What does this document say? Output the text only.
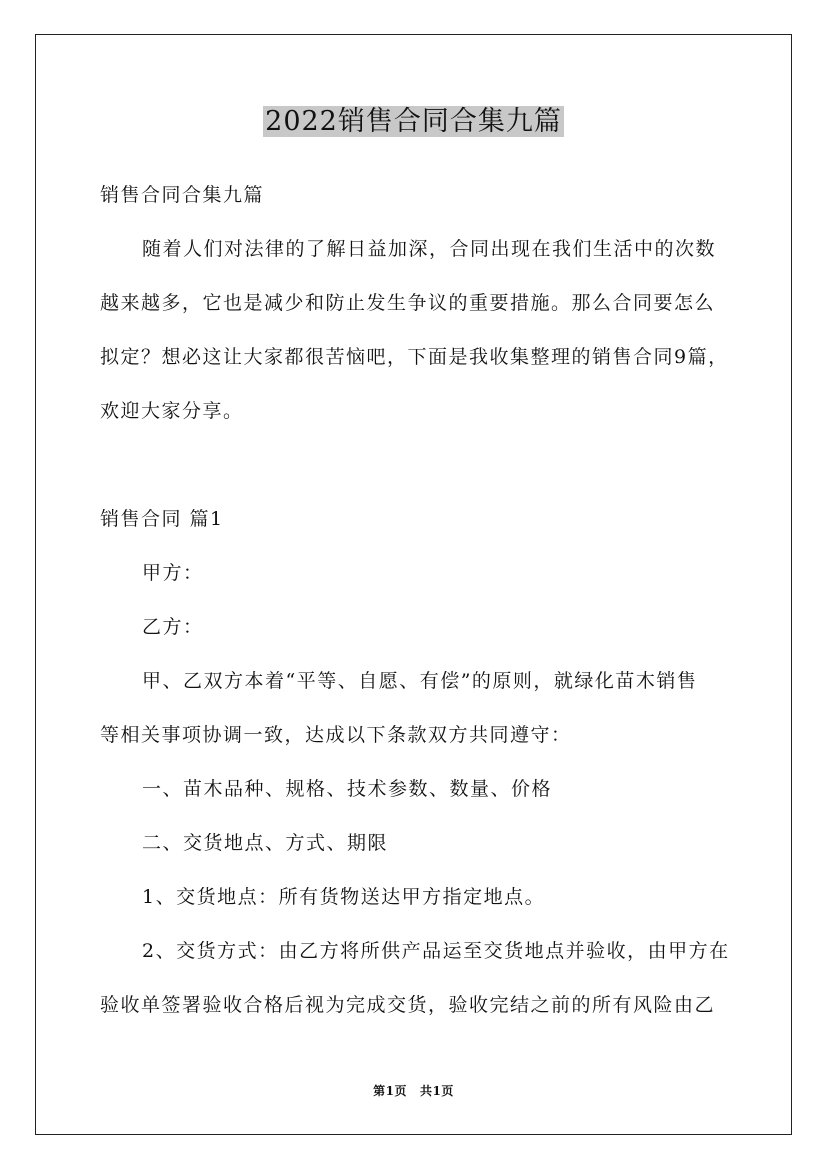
2022销售合同合集九篇
销售合同合集九篇
随着人们对法律的了解日益加深，合同出现在我们生活中的次数
越来越多，它也是减少和防止发生争议的重要措施。那么合同要怎么
拟定？想必这让大家都很苦恼吧，下面是我收集整理的销售合同9篇，
欢迎大家分享。
销售合同 篇1
甲方：
乙方：
甲、乙双方本着“平等、自愿、有偿”的原则，就绿化苗木销售
等相关事项协调一致，达成以下条款双方共同遵守：
一、苗木品种、规格、技术参数、数量、价格
二、交货地点、方式、期限
1、交货地点：所有货物送达甲方指定地点。
2、交货方式：由乙方将所供产品运至交货地点并验收，由甲方在
验收单签署验收合格后视为完成交货，验收完结之前的所有风险由乙
第1页 共1页
